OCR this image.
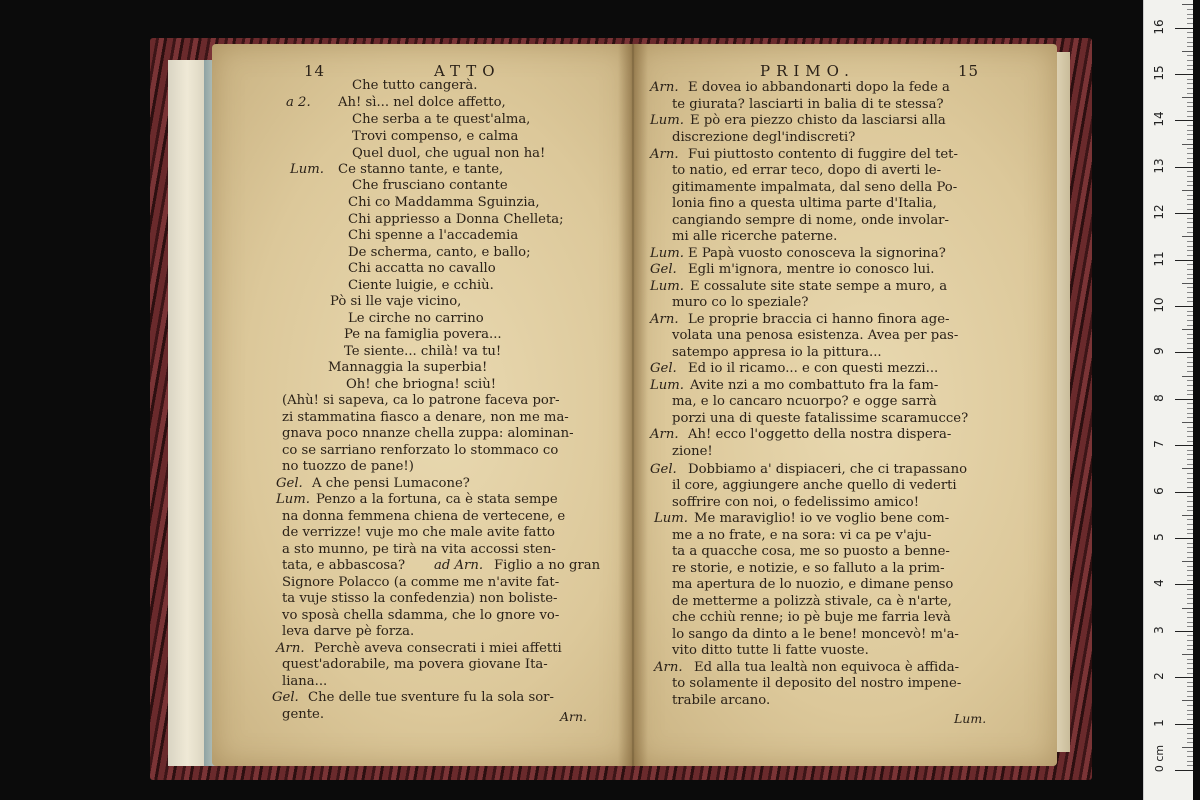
14	ATTO
Che tutto cangerà.
a 2. Ah! sì... nel dolce affetto,
Che serba a te quest'alma,
Trovi compenso, e calma
Quel duol, che ugual non ha!
Lum. Ce stanno tante, e tante,
Che frusciano contante
Chi co Maddamma Sguinzia,
Chi appriesso a Donna Chelleta;
Chi spenne a l'accademia
De scherma, canto, e ballo;
Chi accatta no cavallo
Ciente luigie, e cchiù.
Pò si lle vaje vicino,
Le cirche no carrino
Pe na famiglia povera...
Te siente... chilà! va tu!
Mannaggia la superbia!
Oh! che briogna! sciù!
(Ahù! si sapeva, ca lo patrone faceva por-
zi stammatina fiasco a denare, non me ma-
gnava poco nnanze chella zuppa: alominan-
co se sarriano renforzato lo stommaco co
no tuozzo de pane!)
Gel. A che pensi Lumacone?
Lum. Penzo a la fortuna, ca è stata sempe
na donna femmena chiena de vertecene, e
de verrizze! vuje mo che male avite fatto
a sto munno, pe tirà na vita accossi sten-
tata, e abbascosa? ad Arn. Figlio a no gran
Signore Polacco (a comme me n'avite fat-
ta vuje stisso la confedenzia) non boliste-
vo sposà chella sdamma, che lo gnore vo-
leva darve pè forza.
Arn. Perchè aveva consecrati i miei affetti
quest'adorabile, ma povera giovane Ita-
liana...
Gel. Che delle tue sventure fu la sola sor-
gente.	Arn.
PRIMO.	15
Arn. E dovea io abbandonarti dopo la fede a
te giurata? lasciarti in balia di te stessa?
Lum. E pò era piezzo chisto da lasciarsi alla
discrezione degl'indiscreti?
Arn. Fui piuttosto contento di fuggire del tet-
to natio, ed errar teco, dopo di averti le-
gitimamente impalmata, dal seno della Po-
lonia fino a questa ultima parte d'Italia,
cangiando sempre di nome, onde involar-
mi alle ricerche paterne.
Lum. E Papà vuosto conosceva la signorina?
Gel. Egli m'ignora, mentre io conosco lui.
Lum. E cossalute site state sempe a muro, a
muro co lo speziale?
Arn. Le proprie braccia ci hanno finora age-
volata una penosa esistenza. Avea per pas-
satempo appresa io la pittura...
Gel. Ed io il ricamo... e con questi mezzi...
Lum. Avite nzi a mo combattuto fra la fam-
ma, e lo cancaro ncuorpo? e ogge sarrà
porzi una di queste fatalissime scaramucce?
Arn. Ah! ecco l'oggetto della nostra dispera-
zione!
Gel. Dobbiamo a' dispiaceri, che ci trapassano
il core, aggiungere anche quello di vederti
soffrire con noi, o fedelissimo amico!
Lum. Me maraviglio! io ve voglio bene com-
me a no frate, e na sora: vi ca pe v'aju-
ta a quacche cosa, me so puosto a benne-
re storie, e notizie, e so falluto a la prim-
ma apertura de lo nuozio, e dimane penso
de metterme a polizzà stivale, ca è n'arte,
che cchiù renne; io pè buje me farria levà
lo sango da dinto a le bene! moncevò! m'a-
vito ditto tutte li fatte vuoste.
Arn. Ed alla tua lealtà non equivoca è affida-
to solamente il deposito del nostro impene-
trabile arcano.
Lum.
0 cm
1
2
3
4
5
6
7
8
9
10
11
12
13
14
15
16
